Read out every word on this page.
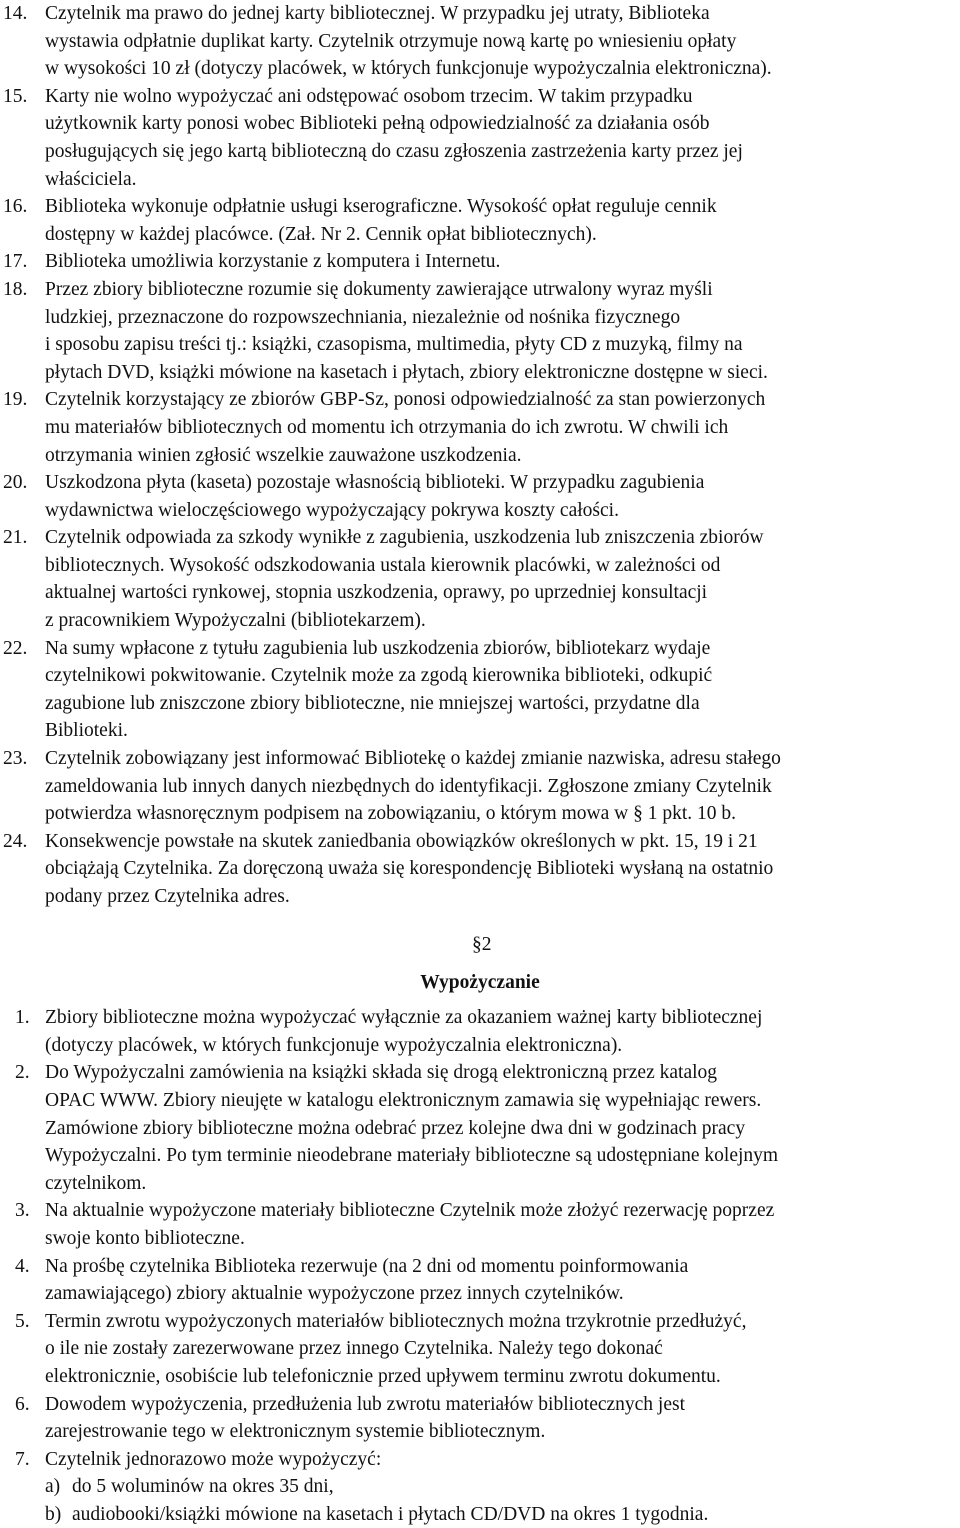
14. Czytelnik ma prawo do jednej karty bibliotecznej. W przypadku jej utraty, Biblioteka
wystawia odpłatnie duplikat karty. Czytelnik otrzymuje nową kartę po wniesieniu opłaty
w wysokości 10 zł (dotyczy placówek, w których funkcjonuje wypożyczalnia elektroniczna).
15. Karty nie wolno wypożyczać ani odstępować osobom trzecim. W takim przypadku
użytkownik karty ponosi wobec Biblioteki pełną odpowiedzialność za działania osób
posługujących się jego kartą biblioteczną do czasu zgłoszenia zastrzeżenia karty przez jej
właściciela.
16. Biblioteka wykonuje odpłatnie usługi kserograficzne. Wysokość opłat reguluje cennik
dostępny w każdej placówce. (Zał. Nr 2. Cennik opłat bibliotecznych).
17. Biblioteka umożliwia korzystanie z komputera i Internetu.
18. Przez zbiory biblioteczne rozumie się dokumenty zawierające utrwalony wyraz myśli
ludzkiej, przeznaczone do rozpowszechniania, niezależnie od nośnika fizycznego
i sposobu zapisu treści tj.: książki, czasopisma, multimedia, płyty CD z muzyką, filmy na
płytach DVD, książki mówione na kasetach i płytach, zbiory elektroniczne dostępne w sieci.
19. Czytelnik korzystający ze zbiorów GBP-Sz, ponosi odpowiedzialność za stan powierzonych
mu materiałów bibliotecznych od momentu ich otrzymania do ich zwrotu. W chwili ich
otrzymania winien zgłosić wszelkie zauważone uszkodzenia.
20. Uszkodzona płyta (kaseta) pozostaje własnością biblioteki. W przypadku zagubienia
wydawnictwa wieloczęściowego wypożyczający pokrywa koszty całości.
21. Czytelnik odpowiada za szkody wynikłe z zagubienia, uszkodzenia lub zniszczenia zbiorów
bibliotecznych. Wysokość odszkodowania ustala kierownik placówki, w zależności od
aktualnej wartości rynkowej, stopnia uszkodzenia, oprawy, po uprzedniej konsultacji
z pracownikiem Wypożyczalni (bibliotekarzem).
22. Na sumy wpłacone z tytułu zagubienia lub uszkodzenia zbiorów, bibliotekarz wydaje
czytelnikowi pokwitowanie. Czytelnik może za zgodą kierownika biblioteki, odkupić
zagubione lub zniszczone zbiory biblioteczne, nie mniejszej wartości, przydatne dla
Biblioteki.
23. Czytelnik zobowiązany jest informować Bibliotekę o każdej zmianie nazwiska, adresu stałego
zameldowania lub innych danych niezbędnych do identyfikacji. Zgłoszone zmiany Czytelnik
potwierdza własnoręcznym podpisem na zobowiązaniu, o którym mowa w § 1 pkt. 10 b.
24. Konsekwencje powstałe na skutek zaniedbania obowiązków określonych w pkt. 15, 19 i 21
obciążają Czytelnika. Za doręczoną uważa się korespondencję Biblioteki wysłaną na ostatnio
podany przez Czytelnika adres.
§2
Wypożyczanie
1. Zbiory biblioteczne można wypożyczać wyłącznie za okazaniem ważnej karty bibliotecznej
(dotyczy placówek, w których funkcjonuje wypożyczalnia elektroniczna).
2. Do Wypożyczalni zamówienia na książki składa się drogą elektroniczną przez katalog
OPAC WWW. Zbiory nieujęte w katalogu elektronicznym zamawia się wypełniając rewers.
Zamówione zbiory biblioteczne można odebrać przez kolejne dwa dni w godzinach pracy
Wypożyczalni. Po tym terminie nieodebrane materiały biblioteczne są udostępniane kolejnym
czytelnikom.
3. Na aktualnie wypożyczone materiały biblioteczne Czytelnik może złożyć rezerwację poprzez
swoje konto biblioteczne.
4. Na prośbę czytelnika Biblioteka rezerwuje (na 2 dni od momentu poinformowania
zamawiającego) zbiory aktualnie wypożyczone przez innych czytelników.
5. Termin zwrotu wypożyczonych materiałów bibliotecznych można trzykrotnie przedłużyć,
o ile nie zostały zarezerwowane przez innego Czytelnika. Należy tego dokonać
elektronicznie, osobiście lub telefonicznie przed upływem terminu zwrotu dokumentu.
6. Dowodem wypożyczenia, przedłużenia lub zwrotu materiałów bibliotecznych jest
zarejestrowanie tego w elektronicznym systemie bibliotecznym.
7. Czytelnik jednorazowo może wypożyczyć:
a) do 5 woluminów na okres 35 dni,
b) audiobooki/książki mówione na kasetach i płytach CD/DVD na okres 1 tygodnia.
